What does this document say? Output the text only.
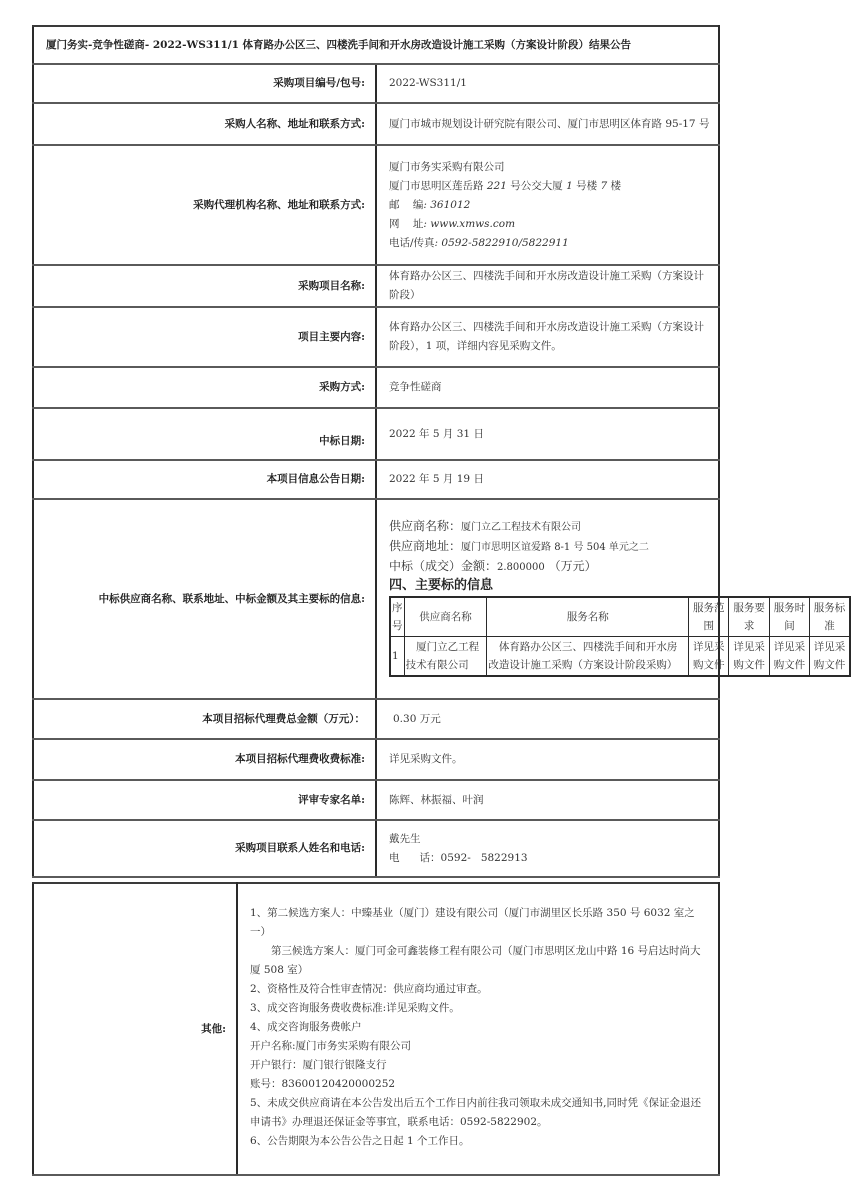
厦门务实-竞争性磋商- 2022-WS311/1 体育路办公区三、四楼洗手间和开水房改造设计施工采购（方案设计阶段）结果公告
采购项目编号/包号:	2022-WS311/1
采购人名称、地址和联系方式:	厦门市城市规划设计研究院有限公司、厦门市思明区体育路 95-17 号
采购代理机构名称、地址和联系方式:	
厦门市务实采购有限公司
厦门市思明区莲岳路 221 号公交大厦 1 号楼 7 楼
邮    编: 361012
网    址: www.xmws.com
电话/传真: 0592-5822910/5822911

采购项目名称:	体育路办公区三、四楼洗手间和开水房改造设计施工采购（方案设计阶段）
项目主要内容:	体育路办公区三、四楼洗手间和开水房改造设计施工采购（方案设计阶段），1 项，详细内容见采购文件。
采购方式:	竞争性磋商
中标日期:	2022 年 5 月 31 日
本项目信息公告日期:	2022 年 5 月 19 日
中标供应商名称、联系地址、中标金额及其主要标的信息:	
供应商名称：厦门立乙工程技术有限公司
供应商地址：厦门市思明区谊爱路 8-1 号 504 单元之二
中标（成交）金额：2.800000 （万元）
四、主要标的信息
序号	供应商名称	服务名称	服务范围	服务要求	服务时间	服务标准
1	厦门立乙工程技术有限公司	体育路办公区三、四楼洗手间和开水房改造设计施工采购（方案设计阶段采购）	详见采购文件	详见采购文件	详见采购文件	详见采购文件

本项目招标代理费总金额（万元）：	0.30 万元
本项目招标代理费收费标准:	详见采购文件。
评审专家名单:	陈辉、林振福、叶润
采购项目联系人姓名和电话:	
戴先生
电      话：0592-   5822913
其他:	
1、第二候选方案人：中臻基业（厦门）建设有限公司（厦门市湖里区长乐路 350 号 6032 室之一）
第三候选方案人：厦门可金可鑫装修工程有限公司（厦门市思明区龙山中路 16 号启达时尚大厦 508 室）
2、资格性及符合性审查情况：供应商均通过审查。
3、成交咨询服务费收费标准:详见采购文件。
4、成交咨询服务费帐户
开户名称:厦门市务实采购有限公司
开户银行：厦门银行银隆支行
账号：83600120420000252
5、未成交供应商请在本公告发出后五个工作日内前往我司领取未成交通知书,同时凭《保证金退还申请书》办理退还保证金等事宜，联系电话：0592-5822902。
6、公告期限为本公告公告之日起 1 个工作日。
